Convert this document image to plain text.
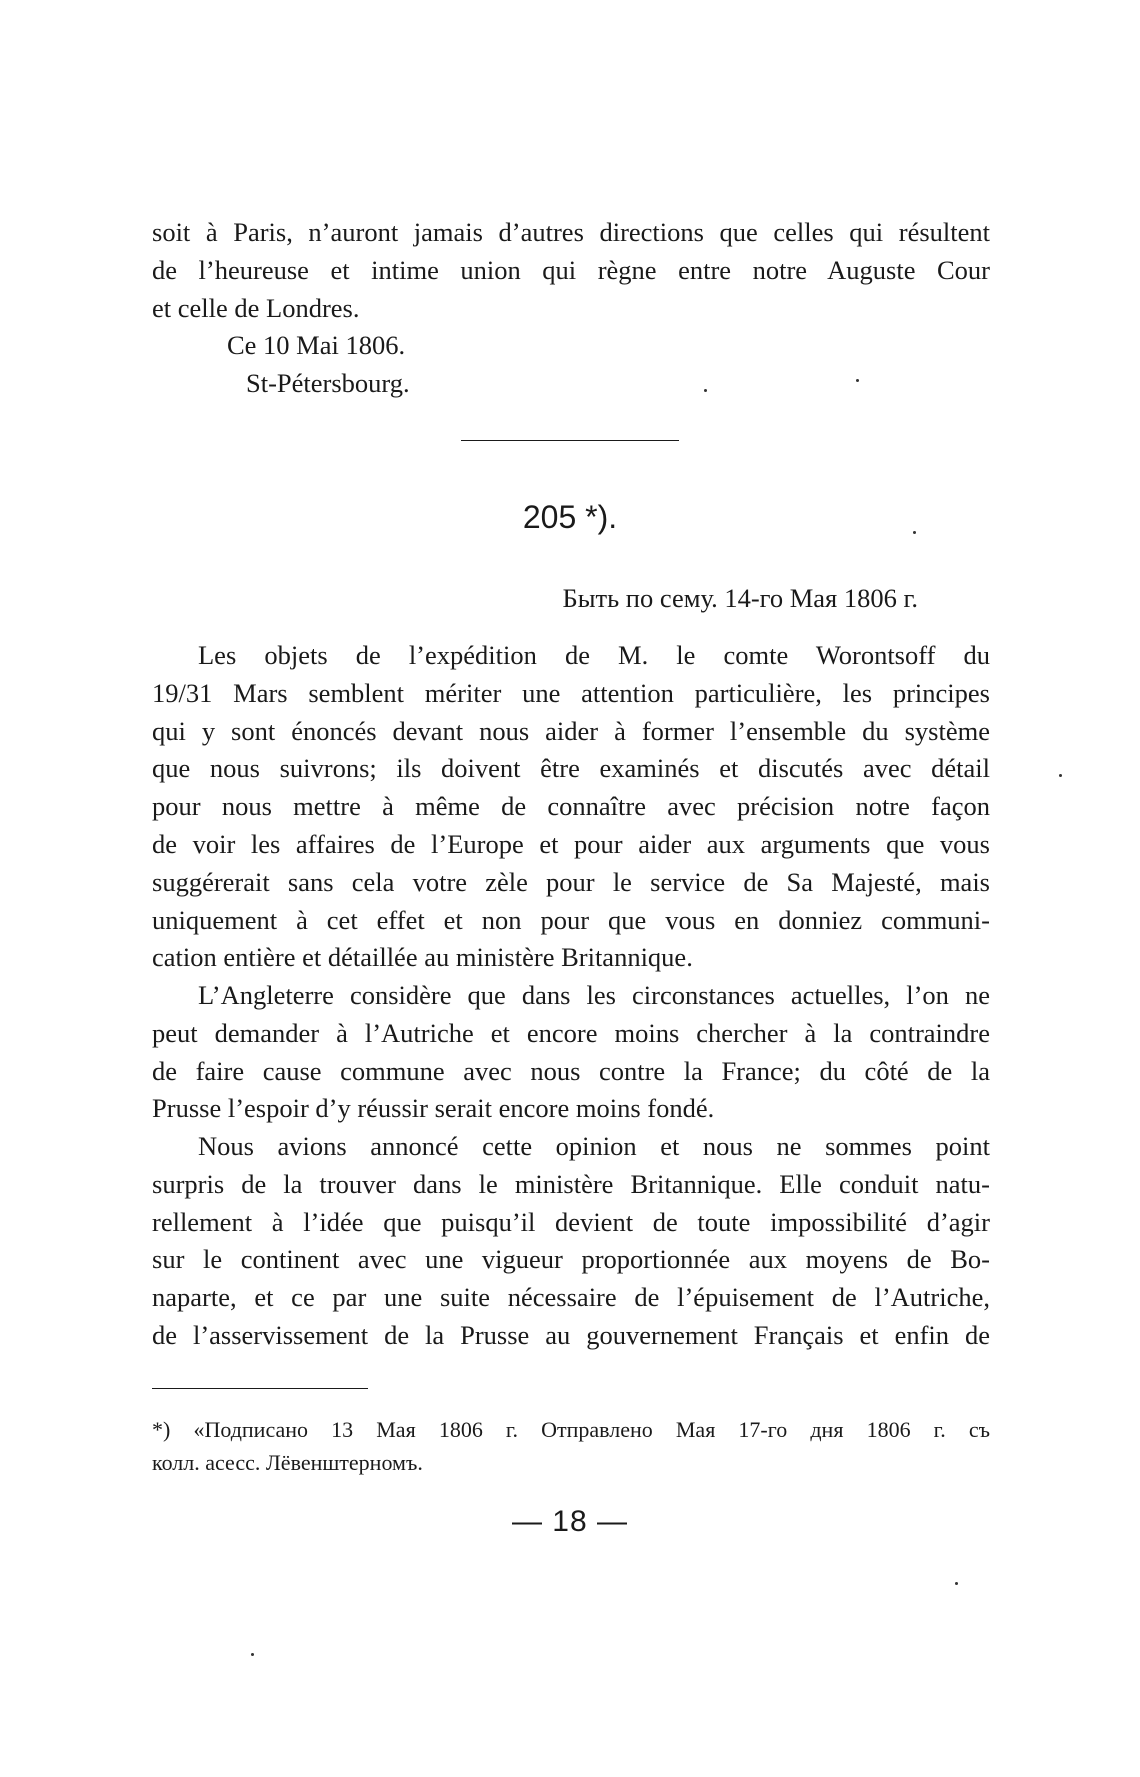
soit à Paris, n’auront jamais d’autres directions que celles qui résultent
de l’heureuse et intime union qui règne entre notre Auguste Cour
et celle de Londres.
Ce 10 Mai 1806.
St-Pétersbourg.
205 *).
Быть по сему. 14-го Мая 1806 г.
Les objets de l’expédition de M. le comte Worontsoff du
19/31 Mars semblent mériter une attention particulière, les principes
qui y sont énoncés devant nous aider à former l’ensemble du système
que nous suivrons; ils doivent être examinés et discutés avec détail
pour nous mettre à même de connaître avec précision notre façon
de voir les affaires de l’Europe et pour aider aux arguments que vous
suggérerait sans cela votre zèle pour le service de Sa Majesté, mais
uniquement à cet effet et non pour que vous en donniez communi-
cation entière et détaillée au ministère Britannique.
L’Angleterre considère que dans les circonstances actuelles, l’on ne
peut demander à l’Autriche et encore moins chercher à la contraindre
de faire cause commune avec nous contre la France; du côté de la
Prusse l’espoir d’y réussir serait encore moins fondé.
Nous avions annoncé cette opinion et nous ne sommes point
surpris de la trouver dans le ministère Britannique. Elle conduit natu-
rellement à l’idée que puisqu’il devient de toute impossibilité d’agir
sur le continent avec une vigueur proportionnée aux moyens de Bo-
naparte, et ce par une suite nécessaire de l’épuisement de l’Autriche,
de l’asservissement de la Prusse au gouvernement Français et enfin de
*) «Подписано 13 Мая 1806 г. Отправлено Мая 17-го дня 1806 г. съ
колл. асесс. Лёвенштерномъ.
— 18 —
